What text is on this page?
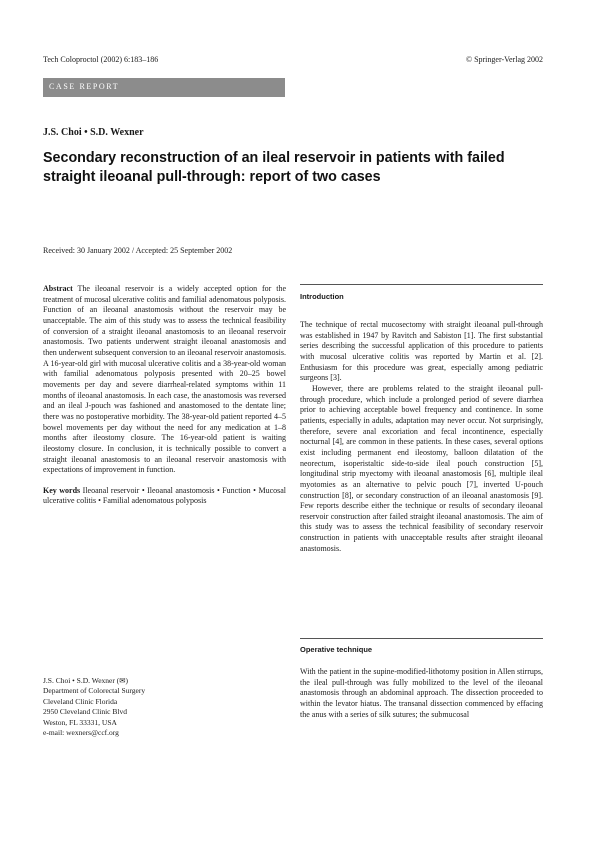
Tech Coloproctol (2002) 6:183–186	© Springer-Verlag 2002
CASE REPORT
J.S. Choi • S.D. Wexner
Secondary reconstruction of an ileal reservoir in patients with failed straight ileoanal pull-through: report of two cases
Received: 30 January 2002 / Accepted: 25 September 2002

Abstract The ileoanal reservoir is a widely accepted option for the treatment of mucosal ulcerative colitis and familial adenomatous polyposis. Function of an ileoanal anastomosis without the reservoir may be unacceptable. The aim of this study was to assess the technical feasibility of conversion of a straight ileoanal anastomosis to an ileoanal reservoir anastomosis. Two patients underwent straight ileoanal anastomosis and then underwent subsequent conversion to an ileoanal reservoir anastomosis. A 16-year-old girl with mucosal ulcerative colitis and a 38-year-old woman with familial adenomatous polyposis presented with 20–25 bowel movements per day and severe diarrheal-related symptoms within 11 months of ileoanal anastomosis. In each case, the anastomosis was reversed and an ileal J-pouch was fashioned and anastomosed to the dentate line; there was no postoperative morbidity. The 38-year-old patient reported 4–5 bowel movements per day without the need for any medication at 1–8 months after ileostomy closure. The 16-year-old patient is waiting ileostomy closure. In conclusion, it is technically possible to convert a straight ileoanal anastomosis to an ileoanal reservoir anastomosis with expectations of improvement in function.

Key words Ileoanal reservoir • Ileoanal anastomosis • Function • Mucosal ulcerative colitis • Familial adenomatous polyposis

J.S. Choi • S.D. Wexner (✉)
Department of Colorectal Surgery
Cleveland Clinic Florida
2950 Cleveland Clinic Blvd
Weston, FL 33331, USA
e-mail: wexners@ccf.org
Introduction

The technique of rectal mucosectomy with straight ileoanal pull-through was established in 1947 by Ravitch and Sabiston [1]. The first substantial series describing the successful application of this procedure to patients with mucosal ulcerative colitis was reported by Martin et al. [2]. Enthusiasm for this procedure was great, especially among pediatric surgeons [3].

However, there are problems related to the straight ileoanal pull-through procedure, which include a prolonged period of severe diarrhea prior to achieving acceptable bowel frequency and continence. In some patients, especially in adults, adaptation may never occur. Not surprisingly, therefore, severe anal excoriation and fecal incontinence, especially nocturnal [4], are common in these patients. In these cases, several options exist including permanent end ileostomy, balloon dilatation of the neorectum, isoperistaltic side-to-side ileal pouch construction [5], longitudinal strip myectomy with ileoanal anastomosis [6], multiple ileal myotomies as an alternative to pelvic pouch [7], inverted U-pouch construction [8], or secondary construction of an ileoanal anastomosis [9]. Few reports describe either the technique or results of secondary ileoanal reservoir construction after failed straight ileoanal anastomosis. The aim of this study was to assess the technical feasibility of secondary reservoir construction in patients with unacceptable results after straight ileoanal anastomosis.

Operative technique

With the patient in the supine-modified-lithotomy position in Allen stirrups, the ileal pull-through was fully mobilized to the level of the ileoanal anastomosis through an abdominal approach. The dissection proceeded to within the levator hiatus. The transanal dissection commenced by effacing the anus with a series of silk sutures; the submucosal
